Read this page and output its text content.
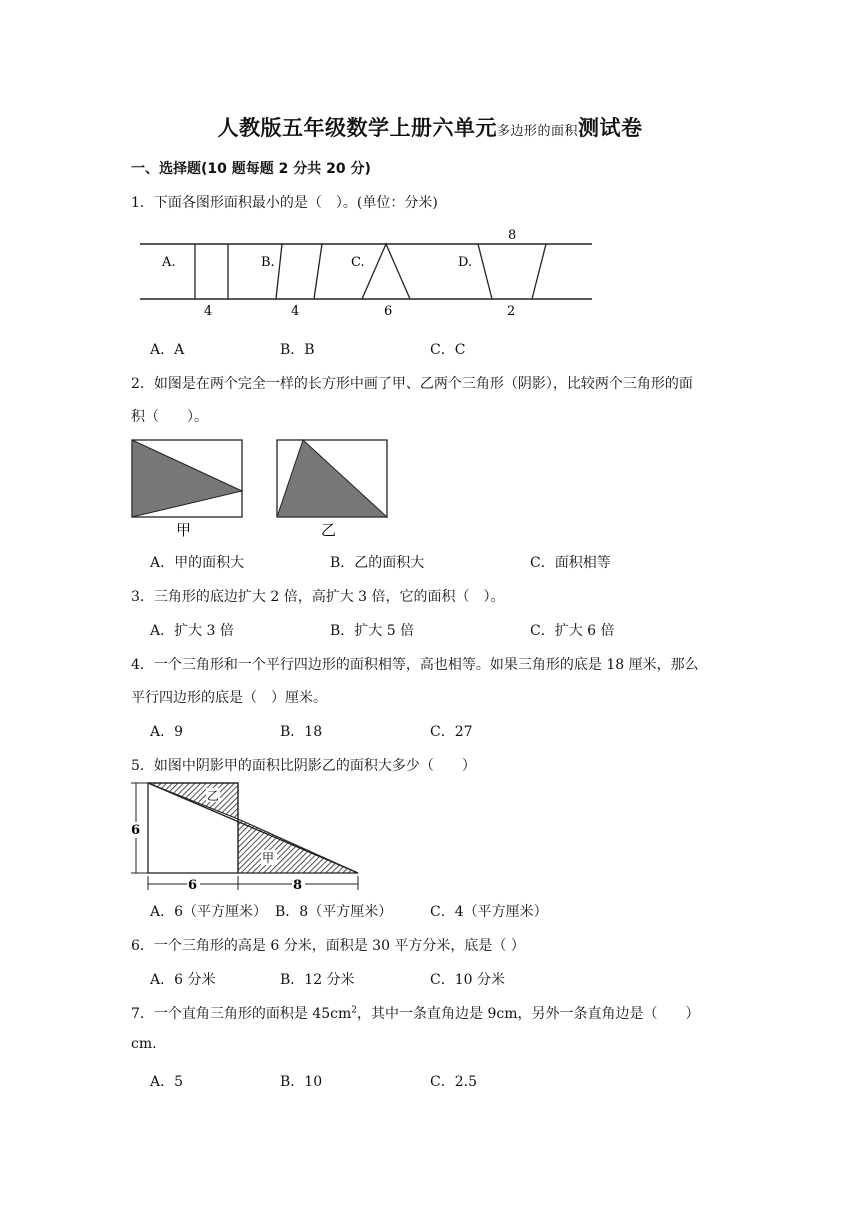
人教版五年级数学上册六单元多边形的面积测试卷
一、选择题(10 题每题 2 分共 20 分)
1．下面各图形面积最小的是（　）。(单位：分米)
A.	B.	C.	D.
4	4	6	2
8
A．A	B．B	C．C
2．如图是在两个完全一样的长方形中画了甲、乙两个三角形（阴影），比较两个三角形的面
积（　　）。
甲	乙
A．甲的面积大	B．乙的面积大	C．面积相等
3．三角形的底边扩大 2 倍，高扩大 3 倍，它的面积（　）。
A．扩大 3 倍	B．扩大 5 倍	C．扩大 6 倍
4．一个三角形和一个平行四边形的面积相等，高也相等。如果三角形的底是 18 厘米，那么
平行四边形的底是（　）厘米。
A．9	B．18	C．27
5．如图中阴影甲的面积比阴影乙的面积大多少（　　）
乙
甲
6
6	8
A．6（平方厘米） B．8（平方厘米）	C．4（平方厘米）
6．一个三角形的高是 6 分米，面积是 30 平方分米，底是（ ）
A．6 分米	B．12 分米	C．10 分米
7．一个直角三角形的面积是 $45cm^2$，其中一条直角边是 9cm，另外一条直角边是（　　）
cm.
A．5	B．10	C．2.5
